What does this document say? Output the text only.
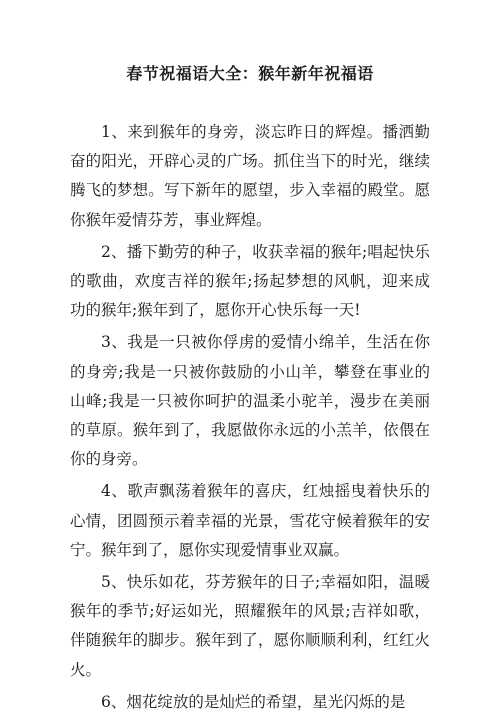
春节祝福语大全：猴年新年祝福语

1、来到猴年的身旁，淡忘昨日的辉煌。播洒勤奋的阳光，开辟心灵的广场。抓住当下的时光，继续腾飞的梦想。写下新年的愿望，步入幸福的殿堂。愿你猴年爱情芬芳，事业辉煌。

2、播下勤劳的种子，收获幸福的猴年;唱起快乐的歌曲，欢度吉祥的猴年;扬起梦想的风帆，迎来成功的猴年;猴年到了，愿你开心快乐每一天!

3、我是一只被你俘虏的爱情小绵羊，生活在你的身旁;我是一只被你鼓励的小山羊，攀登在事业的山峰;我是一只被你呵护的温柔小驼羊，漫步在美丽的草原。猴年到了，我愿做你永远的小羔羊，依偎在你的身旁。

4、歌声飘荡着猴年的喜庆，红烛摇曳着快乐的心情，团圆预示着幸福的光景，雪花守候着猴年的安宁。猴年到了，愿你实现爱情事业双赢。

5、快乐如花，芬芳猴年的日子;幸福如阳，温暖猴年的季节;好运如光，照耀猴年的风景;吉祥如歌，伴随猴年的脚步。猴年到了，愿你顺顺利利，红红火火。

6、烟花绽放的是灿烂的希望，星光闪烁的是
